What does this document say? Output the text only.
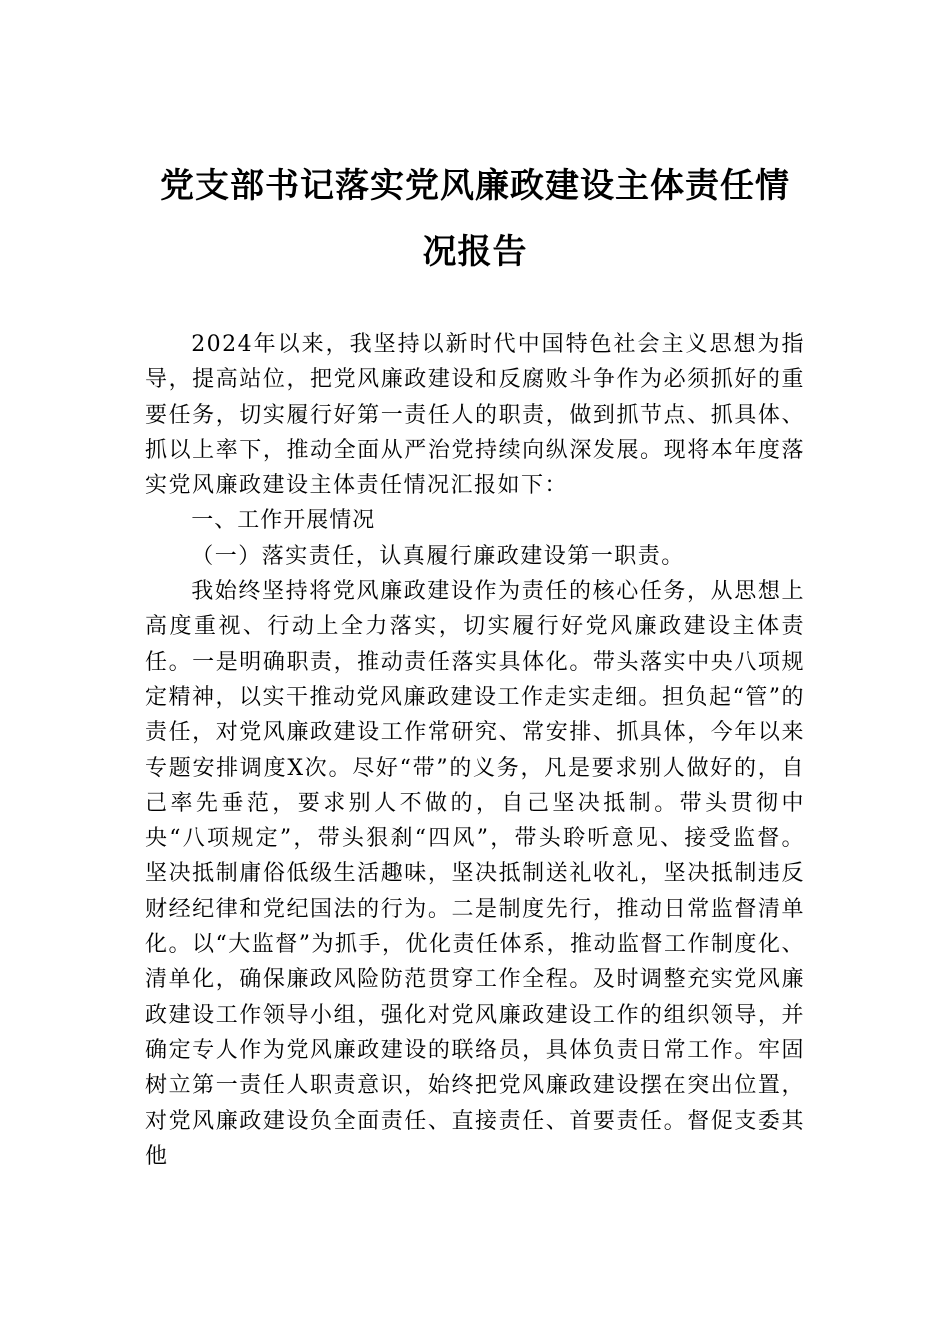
党支部书记落实党风廉政建设主体责任情
况报告

2024年以来，我坚持以新时代中国特色社会主义思想为指导，提高站位，把党风廉政建设和反腐败斗争作为必须抓好的重要任务，切实履行好第一责任人的职责，做到抓节点、抓具体、抓以上率下，推动全面从严治党持续向纵深发展。现将本年度落实党风廉政建设主体责任情况汇报如下：

一、工作开展情况

（一）落实责任，认真履行廉政建设第一职责。

我始终坚持将党风廉政建设作为责任的核心任务，从思想上高度重视、行动上全力落实，切实履行好党风廉政建设主体责任。一是明确职责，推动责任落实具体化。带头落实中央八项规定精神，以实干推动党风廉政建设工作走实走细。担负起“管”的责任，对党风廉政建设工作常研究、常安排、抓具体，今年以来专题安排调度X次。尽好“带”的义务，凡是要求别人做好的，自己率先垂范，要求别人不做的，自己坚决抵制。带头贯彻中央“八项规定”，带头狠刹“四风”，带头聆听意见、接受监督。坚决抵制庸俗低级生活趣味，坚决抵制送礼收礼，坚决抵制违反财经纪律和党纪国法的行为。二是制度先行，推动日常监督清单化。以“大监督”为抓手，优化责任体系，推动监督工作制度化、清单化，确保廉政风险防范贯穿工作全程。及时调整充实党风廉政建设工作领导小组，强化对党风廉政建设工作的组织领导，并确定专人作为党风廉政建设的联络员，具体负责日常工作。牢固树立第一责任人职责意识，始终把党风廉政建设摆在突出位置，对党风廉政建设负全面责任、直接责任、首要责任。督促支委其他
